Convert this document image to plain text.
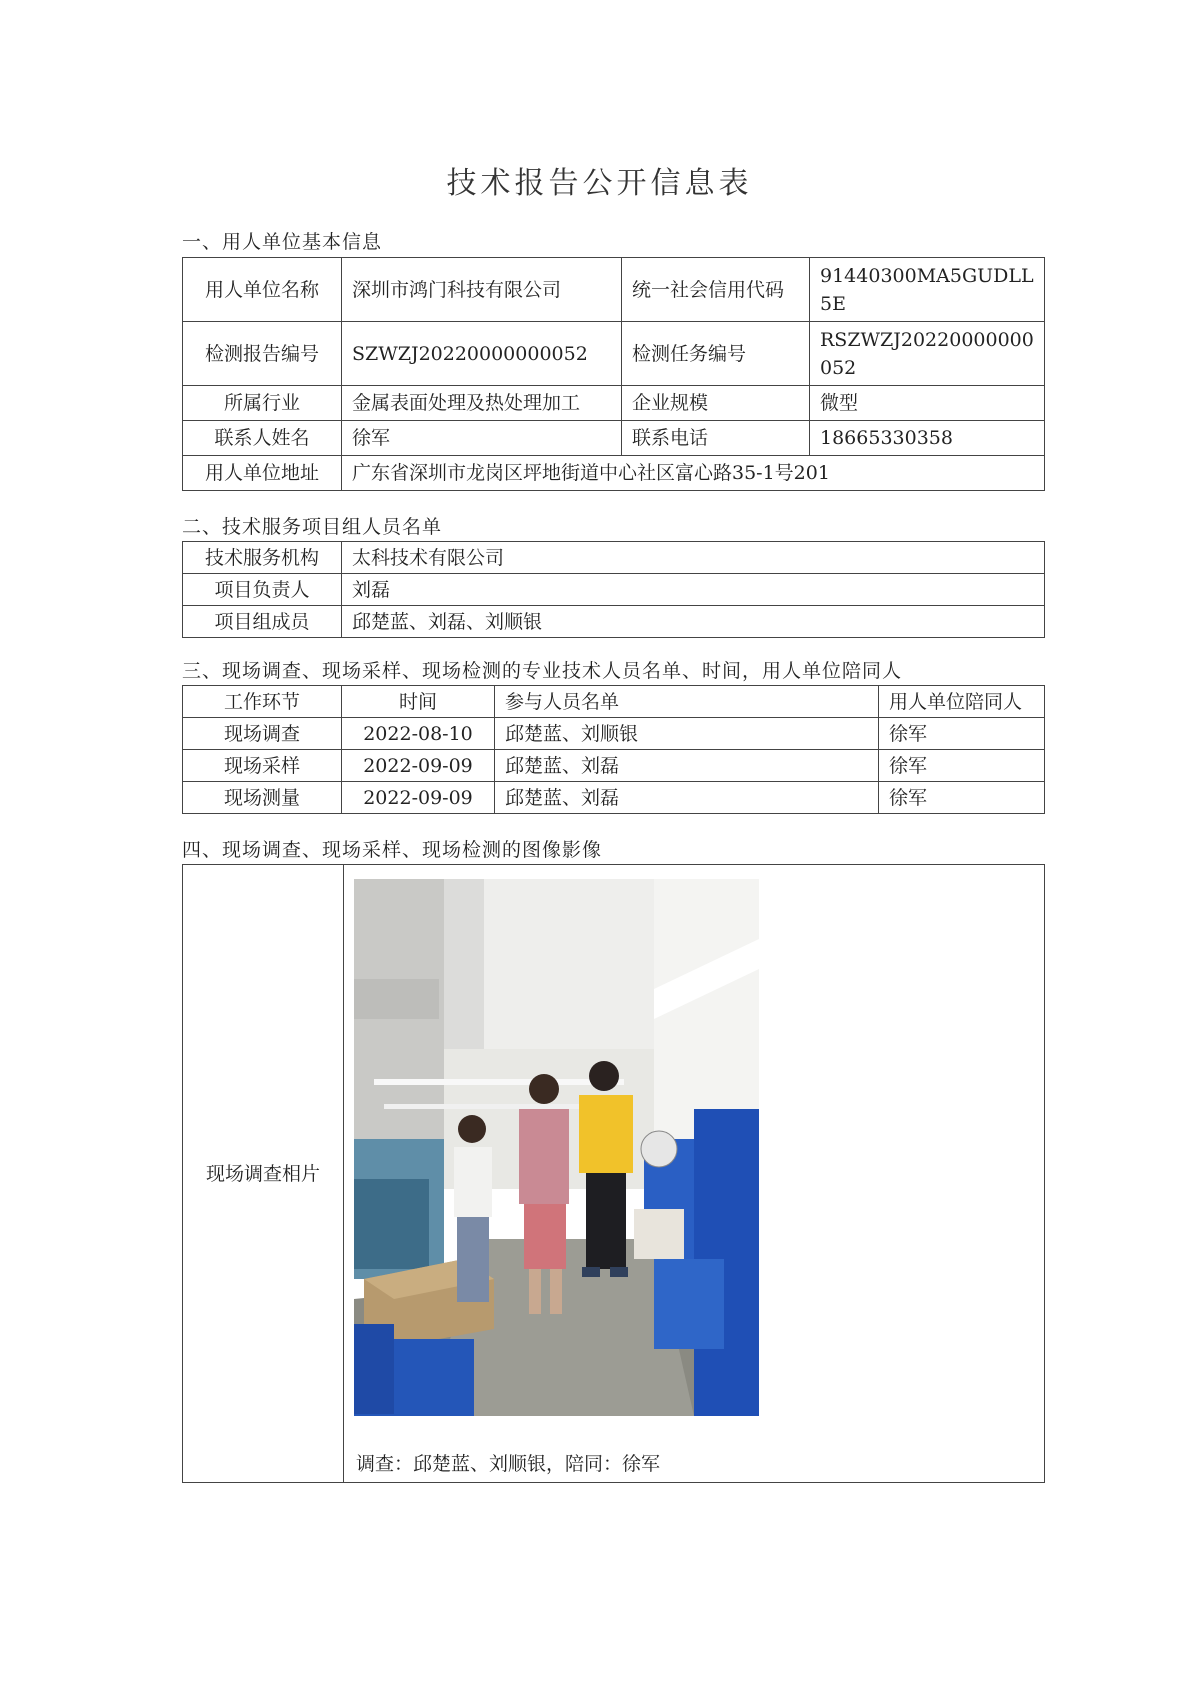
技术报告公开信息表
一、用人单位基本信息
用人单位名称	深圳市鸿门科技有限公司	统一社会信用代码	91440300MA5GUDLL5E
检测报告编号	SZWZJ20220000000052	检测任务编号	RSZWZJ20220000000052
所属行业	金属表面处理及热处理加工	企业规模	微型
联系人姓名	徐军	联系电话	18665330358
用人单位地址	广东省深圳市龙岗区坪地街道中心社区富心路35-1号201		
二、技术服务项目组人员名单
技术服务机构	太科技术有限公司
项目负责人	刘磊
项目组成员	邱楚蓝、刘磊、刘顺银
三、现场调查、现场采样、现场检测的专业技术人员名单、时间，用人单位陪同人
工作环节	时间	参与人员名单	用人单位陪同人
现场调查	2022-08-10	邱楚蓝、刘顺银	徐军
现场采样	2022-09-09	邱楚蓝、刘磊	徐军
现场测量	2022-09-09	邱楚蓝、刘磊	徐军
四、现场调查、现场采样、现场检测的图像影像
现场调查相片	
调查：邱楚蓝、刘顺银，陪同：徐军
